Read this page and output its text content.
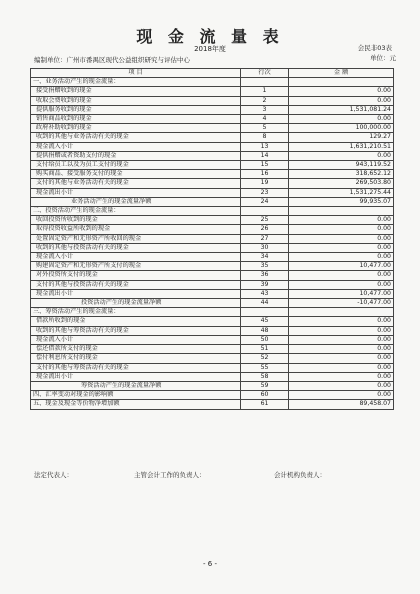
现 金 流 量 表
2018年度	会民非03表
编制单位：广州市番禺区现代公益组织研究与评估中心	单位：元
项 目	行次	金 额
一、业务活动产生的现金流量：		
接受捐赠收到的现金	1	0.00
收取会费收到的现金	2	0.00
提供服务收到的现金	3	1,531,081.24
销售商品收到的现金	4	0.00
政府补助收到的现金	5	100,000.00
收到的其他与业务活动有关的现金	8	129.27
现金流入小计	13	1,631,210.51
提供捐赠或者资助支付的现金	14	0.00
支付给员工以及为员工支付的现金	15	943,119.52
购买商品、接受服务支付的现金	16	318,652.12
支付的其他与业务活动有关的现金	19	269,503.80
现金流出小计	23	1,531,275.44
业务活动产生的现金流量净额	24	99,935.07
二、投资活动产生的现金流量：		
收回投资所收到的现金	25	0.00
取得投资收益所收到的现金	26	0.00
处置固定资产和无形资产所收回的现金	27	0.00
收到的其他与投资活动有关的现金	30	0.00
现金流入小计	34	0.00
购建固定资产和无形资产所支付的现金	35	10,477.00
对外投资所支付的现金	36	0.00
支付的其他与投资活动有关的现金	39	0.00
现金流出小计	43	10,477.00
投资活动产生的现金流量净额	44	-10,477.00
三、筹资活动产生的现金流量：		
借款所收到的现金	45	0.00
收到的其他与筹资活动有关的现金	48	0.00
现金流入小计	50	0.00
偿还借款所支付的现金	51	0.00
偿付利息所支付的现金	52	0.00
支付的其他与筹资活动有关的现金	55	0.00
现金流出小计	58	0.00
筹资活动产生的现金流量净额	59	0.00
四、汇率变动对现金的影响额	60	0.00
五、现金及现金等价物净增加额	61	89,458.07
法定代表人：	主管会计工作的负责人：	会计机构负责人：
- 6 -
